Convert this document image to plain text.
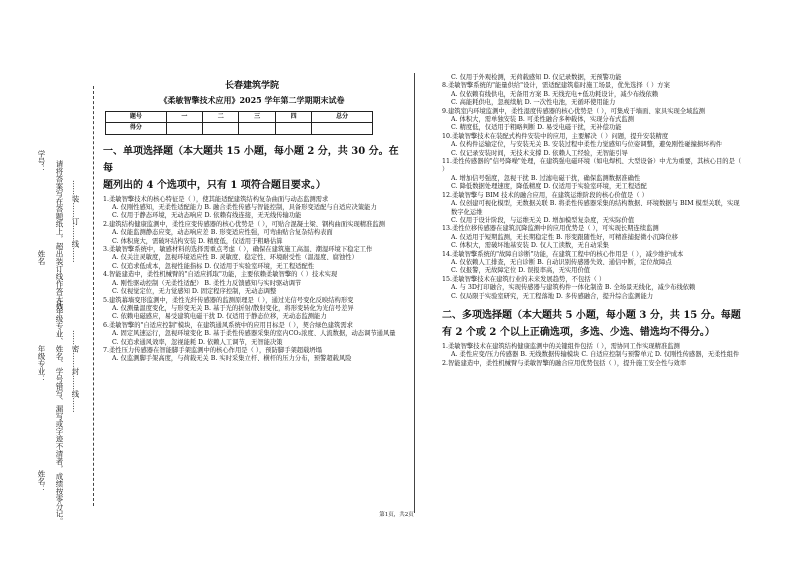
学号： 请将答案写在答题纸上，超出装订线作答无效。
姓名	……装……订……线……
年级专业： 凡年级专业、姓名、学号错写、漏写或字迹不清者，成绩按零分记。 ……密……封……线……
姓名：
长春建筑学院
《柔敏智擎技术应用》2025 学年第二学期期末试卷
题号	一	二	三	四	总分
得分					
一、单项选择题（本大题共 15 小题，每小题 2 分，共 30 分。在每
题列出的 4 个选项中，只有 1 项符合题目要求。）
1.柔敏智擎技术的核心特征是（ ），使其能适配建筑结构复杂曲面与动态监测需求
A. 仅刚性感知，无柔性适配能力 B. 融合柔性传感与智能控制，具备形变适配与自适应决策能力
C. 仅用于静态环境，无动态响应 D. 依赖有线连接，无无线传输功能
2.建筑结构健康监测中，柔性应变传感器的核心优势是（ ），可贴合混凝土梁、钢构曲面实现精准监测
A. 仅能监测静态应变，动态响应差 B. 形变适应性强，可弯曲贴合复杂结构表面
C. 体积庞大，需破坏结构安装 D. 精度低，仅适用于粗略估算
3.柔敏智擎系统中，敏感材料的选择需重点考虑（ ），确保在建筑施工高温、潮湿环境下稳定工作
A. 仅关注灵敏度，忽视环境适应性 B. 灵敏度、稳定性、环境耐受性（温湿度、腐蚀性）
C. 仅追求低成本，忽视性能指标 D. 仅适用于实验室环境，无工程适配性
4.智能建造中，柔性机械臂的"自适应抓取"功能，主要依赖柔敏智擎的（ ）技术实现
A. 刚性驱动控制（无柔性适配） B. 柔性力反馈感知与实时驱动调节
C. 仅视觉定位，无力觉感知 D. 固定程序控制，无动态调整
5.建筑幕墙变形监测中，柔性光纤传感器的监测原理是（ ），通过光信号变化反映结构形变
A. 仅测量温度变化，与形变无关 B. 基于光的折射/散射变化，将形变转化为光信号差异
C. 依赖电磁感应，易受建筑电磁干扰 D. 仅适用于静态位移，无动态监测能力
6.柔敏智擎的"自适应控制"模块，在建筑通风系统中的应用目标是（ ），契合绿色建筑需求
A. 固定风速运行，忽视环境变化 B. 基于柔性传感器采集的室内CO₂浓度、人流数据，动态调节通风量
C. 仅追求通风效率，忽视能耗 D. 依赖人工调节，无智能决策
7.柔性压力传感器在智能脚手架监测中的核心作用是（ ），预防脚手架超载坍塌
A. 仅监测脚手架高度，与荷载无关 B. 实时采集立杆、横杆的压力分布，预警超载风险
C. 仅用于外观检测，无荷载感知 D. 仅记录数据，无预警功能
8.柔敏智擎系统的"能量供给"设计，需适配建筑临时施工场景，优先选择（ ）方案
A. 仅依赖有线供电，无备用方案 B. 无线充电+低功耗设计，减少布线依赖
C. 高能耗供电，忽视续航 D. 一次性电池，无循环使用能力
9.建筑室内环境监测中，柔性湿度传感器的核心优势是（ ），可集成于墙面、家具实现全域监测
A. 体积大，需单独安装 B. 可柔性融合多种载体，实现分布式监测
C. 精度低，仅适用于粗略判断 D. 易受电磁干扰，无补偿功能
10.柔敏智擎技术在装配式构件安装中的应用，主要解决（ ）问题，提升安装精度
A. 仅构件运输定位，与安装无关 B. 安装过程中柔性力觉感知与位姿调整，避免刚性碰撞损坏构件
C. 仅记录安装时间，无技术支撑 D. 依赖人工经验，无智能引导
11.柔性传感器的"信号降噪"处理，在建筑强电磁环境（如电焊机、大型设备）中尤为重要，其核心目的是（ ）
A. 增加信号强度，忽视干扰 B. 过滤电磁干扰，确保监测数据准确性
C. 降低数据处理速度，降低精度 D. 仅适用于实验室环境，无工程适配
12.柔敏智擎与 BIM 技术的融合应用，在建筑运维阶段的核心价值是（ ）
A. 仅创建可视化模型，无数据关联 B. 将柔性传感器采集的结构数据、环境数据与 BIM 模型关联，实现数字化运维
C. 仅用于设计阶段，与运维无关 D. 增加模型复杂度，无实际价值
13.柔性位移传感器在建筑沉降监测中的应用优势是（ ），可实现长期连续监测
A. 仅适用于短期监测，无长期稳定性 B. 形变跟随性好，可精准捕捉微小沉降位移
C. 体积大，需破坏地基安装 D. 仅人工读数，无自动采集
14.柔敏智擎系统的"故障自诊断"功能，在建筑工程中的核心作用是（ ），减少维护成本
A. 仅依赖人工排查，无自诊断 B. 自动识别传感器失效、通信中断，定位故障点
C. 仅报警，无故障定位 D. 误报率高，无实用价值
15.柔敏智擎技术在建筑行业的未来发展趋势，不包括（ ）
A. 与 3D打印融合，实现传感器与建筑构件一体化制造 B. 全场景无线化，减少布线依赖
C. 仅局限于实验室研究，无工程落地 D. 多传感融合，提升综合监测能力
二、多项选择题（本大题共 5 小题，每小题 3 分，共 15 分。每题
有 2 个或 2 个以上正确选项，多选、少选、错选均不得分。）
1.柔敏智擎技术在建筑结构健康监测中的关键组件包括（ ），需协同工作实现精准监测
A. 柔性应变/压力传感器 B. 无线数据传输模块 C. 自适应控制与预警单元 D. 仅刚性传感器，无柔性组件
2.智能建造中，柔性机械臂与柔敏智擎的融合应用优势包括（ ），提升施工安全性与效率
第1页，共2页
